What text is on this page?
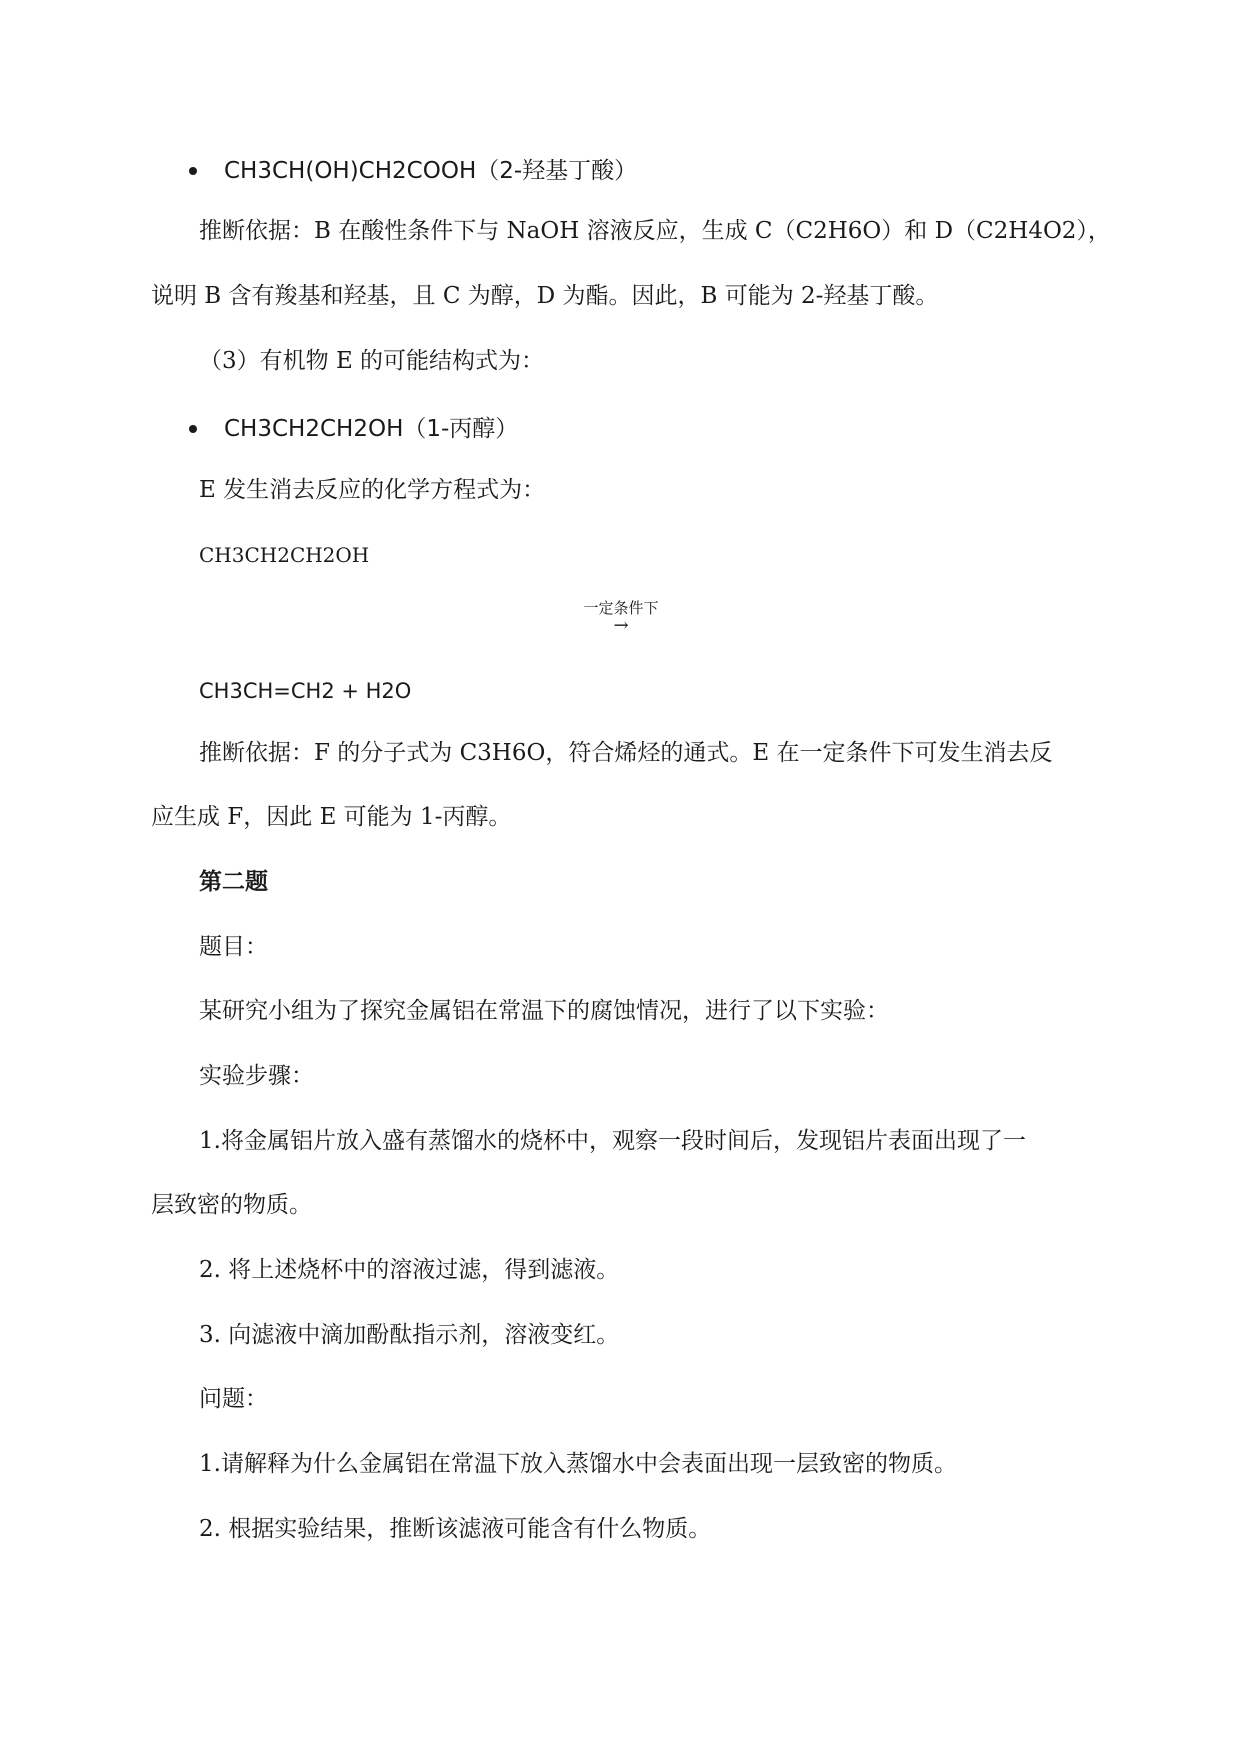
CH3CH(OH)CH2COOH（2-羟基丁酸）
推断依据：B 在酸性条件下与 NaOH 溶液反应，生成 C（C2H6O）和 D（C2H4O2），
说明 B 含有羧基和羟基，且 C 为醇，D 为酯。因此，B 可能为 2-羟基丁酸。
（3）有机物 E 的可能结构式为：
CH3CH2CH2OH（1-丙醇）
E 发生消去反应的化学方程式为：
CH3CH2CH2OH
一定条件下
→
CH3CH=CH2 + H2O
推断依据：F 的分子式为 C3H6O，符合烯烃的通式。E 在一定条件下可发生消去反
应生成 F，因此 E 可能为 1-丙醇。
第二题
题目：
某研究小组为了探究金属铝在常温下的腐蚀情况，进行了以下实验：
实验步骤：
1.将金属铝片放入盛有蒸馏水的烧杯中，观察一段时间后，发现铝片表面出现了一
层致密的物质。
2. 将上述烧杯中的溶液过滤，得到滤液。
3. 向滤液中滴加酚酞指示剂，溶液变红。
问题：
1.请解释为什么金属铝在常温下放入蒸馏水中会表面出现一层致密的物质。
2. 根据实验结果，推断该滤液可能含有什么物质。
